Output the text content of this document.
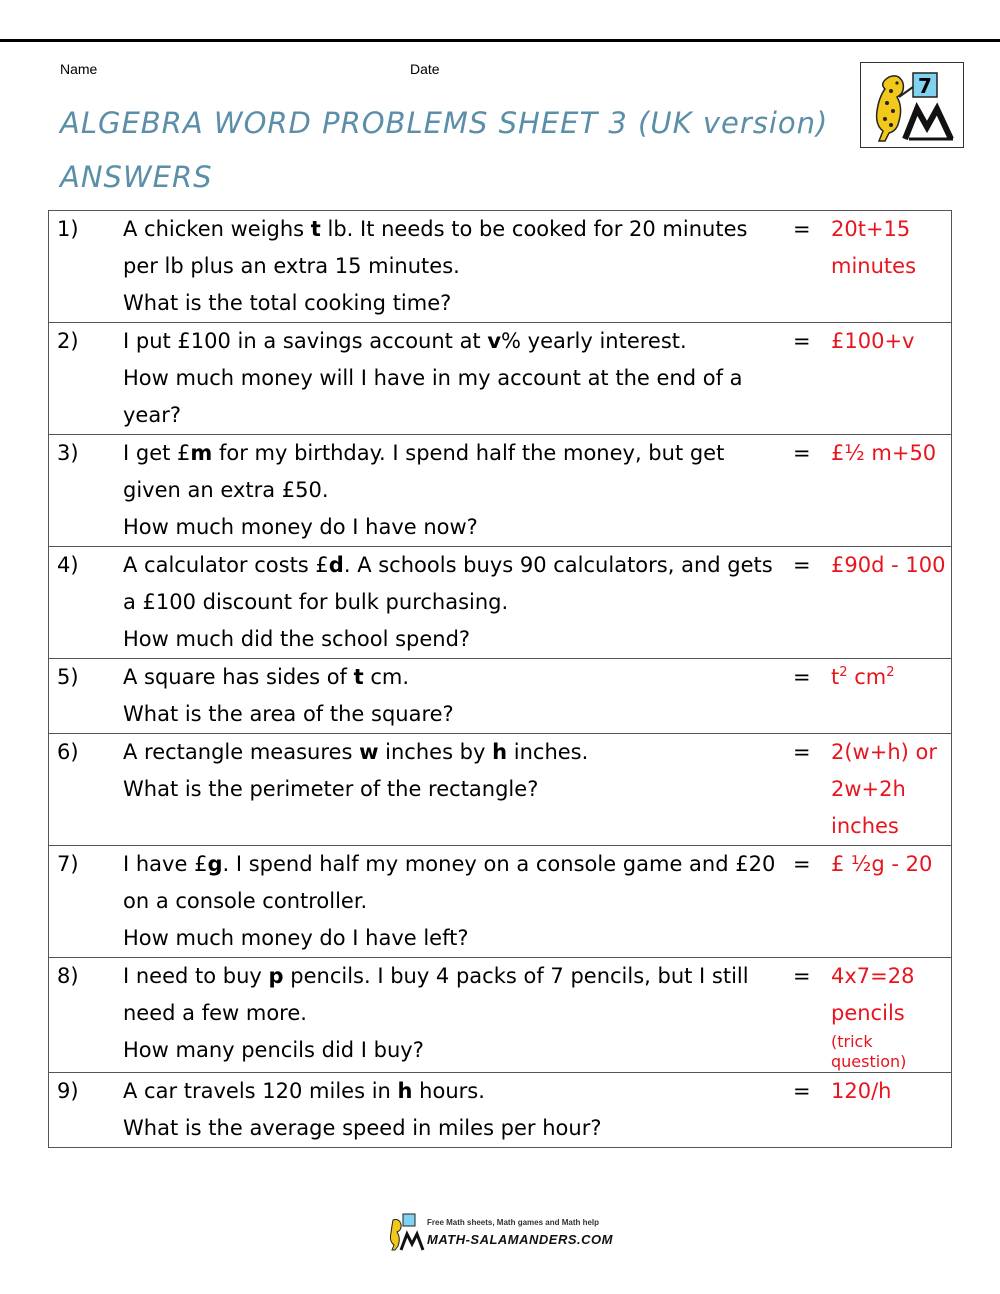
Name	Date
ALGEBRA WORD PROBLEMS SHEET 3 (UK version)
ANSWERS
7
1)	A chicken weighs t lb. It needs to be cooked for 20 minutes
per lb plus an extra 15 minutes.
What is the total cooking time?	=	20t+15
minutes

2)	I put £100 in a savings account at v% yearly interest.
How much money will I have in my account at the end of a
year?	=	£100+v

3)	I get £m for my birthday. I spend half the money, but get
given an extra £50.
How much money do I have now?	=	£½ m+50

4)	A calculator costs £d. A schools buys 90 calculators, and gets
a £100 discount for bulk purchasing.
How much did the school spend?	=	£90d - 100

5)	A square has sides of t cm.
What is the area of the square?	=	$t^2$ $cm^2$

6)	A rectangle measures w inches by h inches.
What is the perimeter of the rectangle?	=	2(w+h) or
2w+2h
inches

7)	I have £g. I spend half my money on a console game and £20
on a console controller.
How much money do I have left?	=	£ ½g - 20

8)	I need to buy p pencils. I buy 4 packs of 7 pencils, but I still
need a few more.
How many pencils did I buy?	=	4x7=28
pencils
(trick question)

9)	A car travels 120 miles in h hours.
What is the average speed in miles per hour?	=	120/h
Free Math sheets, Math games and Math help
MATH-SALAMANDERS.COM
